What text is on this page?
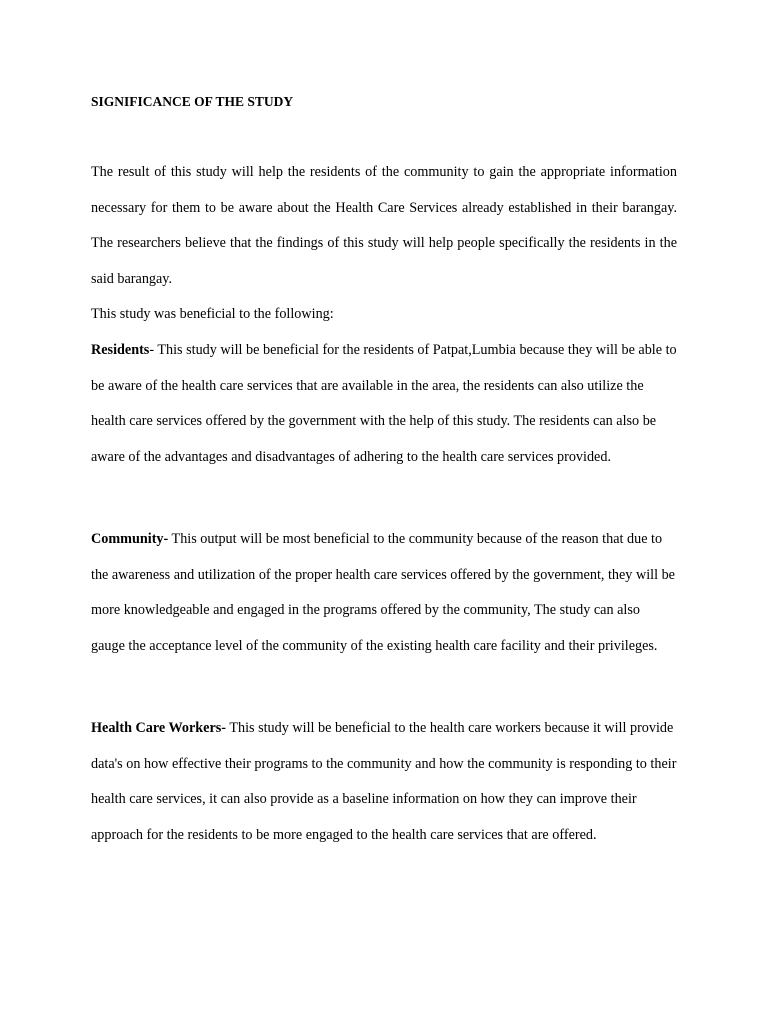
SIGNIFICANCE OF THE STUDY

The result of this study will help the residents of the community to gain the appropriate information necessary for them to be aware about the Health Care Services already established in their barangay. The researchers believe that the findings of this study will help people specifically the residents in the said barangay.

This study was beneficial to the following:

Residents- This study will be beneficial for the residents of Patpat,Lumbia because they will be able to be aware of the health care services that are available in the area, the residents can also utilize the health care services offered by the government with the help of this study. The residents can also be aware of the advantages and disadvantages of adhering to the health care services provided.

Community- This output will be most beneficial to the community because of the reason that due to the awareness and utilization of the proper health care services offered by the government, they will be more knowledgeable and engaged in the programs offered by the community, The study can also gauge the acceptance level of the community of the existing health care facility and their privileges.

Health Care Workers- This study will be beneficial to the health care workers because it will provide data's on how effective their programs to the community and how the community is responding to their health care services, it can also provide as a baseline information on how they can improve their approach for the residents to be more engaged to the health care services that are offered.
